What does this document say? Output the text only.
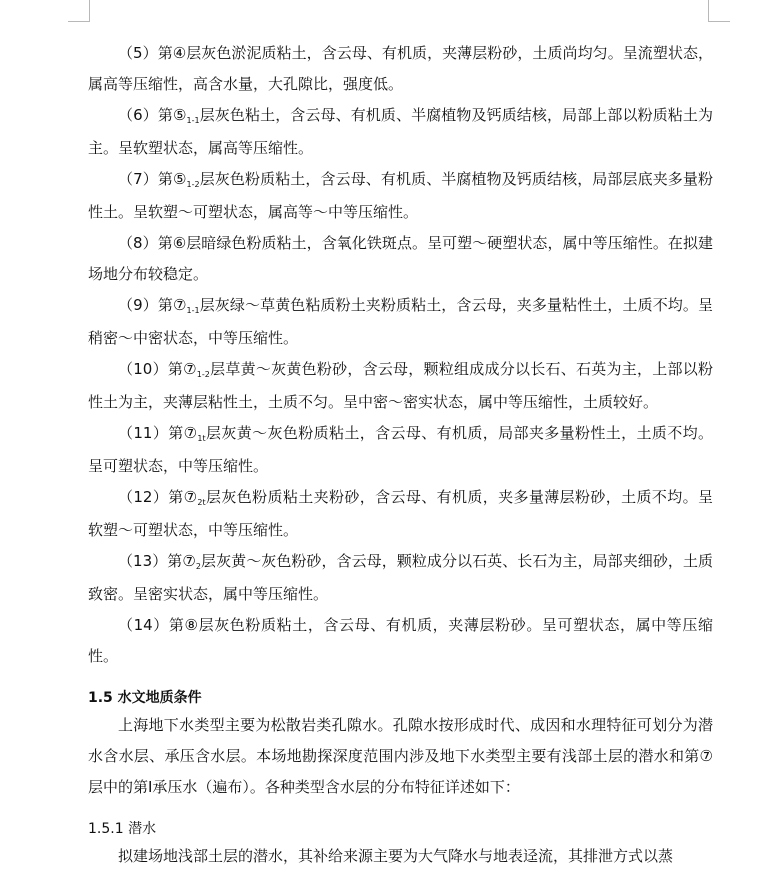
（5）第④层灰色淤泥质粘土，含云母、有机质，夹薄层粉砂，土质尚均匀。呈流塑状态，属高等压缩性，高含水量，大孔隙比，强度低。

（6）第$⑤_{1-1}$层灰色粘土，含云母、有机质、半腐植物及钙质结核，局部上部以粉质粘土为主。呈软塑状态，属高等压缩性。

（7）第$⑤_{1-2}$层灰色粉质粘土，含云母、有机质、半腐植物及钙质结核，局部层底夹多量粉性土。呈软塑～可塑状态，属高等～中等压缩性。

（8）第⑥层暗绿色粉质粘土，含氧化铁斑点。呈可塑～硬塑状态，属中等压缩性。在拟建场地分布较稳定。

（9）第$⑦_{1-1}$层灰绿～草黄色粘质粉土夹粉质粘土，含云母，夹多量粘性土，土质不均。呈稍密～中密状态，中等压缩性。

（10）第$⑦_{1-2}$层草黄～灰黄色粉砂，含云母，颗粒组成成分以长石、石英为主，上部以粉性土为主，夹薄层粘性土，土质不匀。呈中密～密实状态，属中等压缩性，土质较好。

（11）第$⑦_{1t}$层灰黄～灰色粉质粘土，含云母、有机质，局部夹多量粉性土，土质不均。呈可塑状态，中等压缩性。

（12）第$⑦_{2t}$层灰色粉质粘土夹粉砂，含云母、有机质，夹多量薄层粉砂，土质不均。呈软塑～可塑状态，中等压缩性。

（13）第$⑦_2$层灰黄～灰色粉砂，含云母，颗粒成分以石英、长石为主，局部夹细砂，土质致密。呈密实状态，属中等压缩性。

（14）第⑧层灰色粉质粘土，含云母、有机质，夹薄层粉砂。呈可塑状态，属中等压缩性。

1.5 水文地质条件

上海地下水类型主要为松散岩类孔隙水。孔隙水按形成时代、成因和水理特征可划分为潜水含水层、承压含水层。本场地勘探深度范围内涉及地下水类型主要有浅部土层的潜水和第⑦层中的第Ⅰ承压水（遍布）。各种类型含水层的分布特征详述如下：

1.5.1 潜水

拟建场地浅部土层的潜水，其补给来源主要为大气降水与地表迳流，其排泄方式以蒸
